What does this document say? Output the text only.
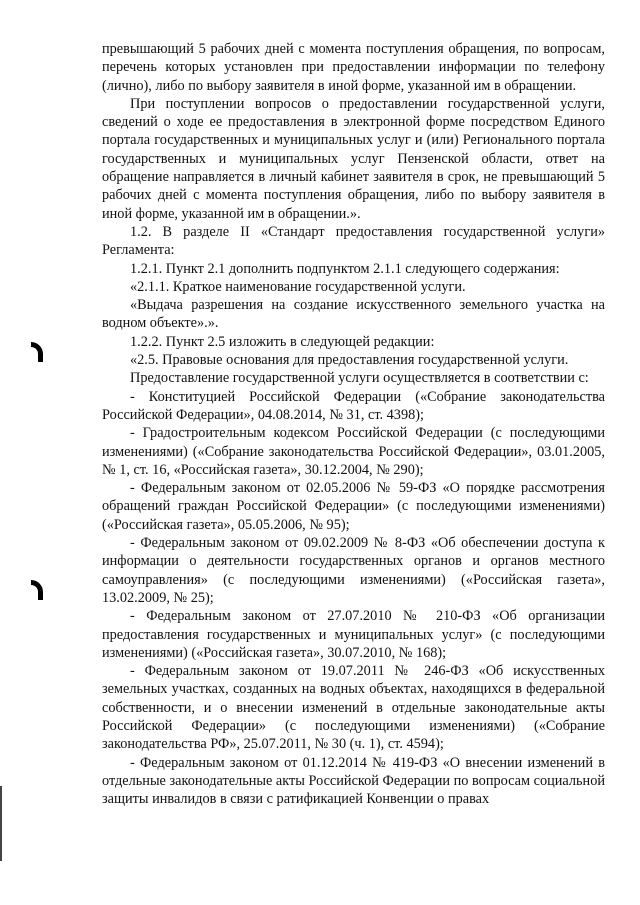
превышающий 5 рабочих дней с момента поступления обращения, по вопросам, перечень которых установлен при предоставлении информации по телефону (лично), либо по выбору заявителя в иной форме, указанной им в обращении.

При поступлении вопросов о предоставлении государственной услуги, сведений о ходе ее предоставления в электронной форме посредством Единого портала государственных и муниципальных услуг и (или) Регионального портала государственных и муниципальных услуг Пензенской области, ответ на обращение направляется в личный кабинет заявителя в срок, не превышающий 5 рабочих дней с момента поступления обращения, либо по выбору заявителя в иной форме, указанной им в обращении.».

1.2. В разделе II «Стандарт предоставления государственной услуги» Регламента:

1.2.1. Пункт 2.1 дополнить подпунктом 2.1.1 следующего содержания:

«2.1.1. Краткое наименование государственной услуги.

«Выдача разрешения на создание искусственного земельного участка на водном объекте».».

1.2.2. Пункт 2.5 изложить в следующей редакции:

«2.5. Правовые основания для предоставления государственной услуги.

Предоставление государственной услуги осуществляется в соответствии с:

- Конституцией Российской Федерации («Собрание законодательства Российской Федерации», 04.08.2014, № 31, ст. 4398);

- Градостроительным кодексом Российской Федерации (с последующими изменениями) («Собрание законодательства Российской Федерации», 03.01.2005, № 1, ст. 16, «Российская газета», 30.12.2004, № 290);

- Федеральным законом от 02.05.2006 № 59-ФЗ «О порядке рассмотрения обращений граждан Российской Федерации» (с последующими изменениями) («Российская газета», 05.05.2006, № 95);

- Федеральным законом от 09.02.2009 № 8-ФЗ «Об обеспечении доступа к информации о деятельности государственных органов и органов местного самоуправления» (с последующими изменениями) («Российская газета», 13.02.2009, № 25);

- Федеральным законом от 27.07.2010 № 210-ФЗ «Об организации предоставления государственных и муниципальных услуг» (с последующими изменениями) («Российская газета», 30.07.2010, № 168);

- Федеральным законом от 19.07.2011 № 246-ФЗ «Об искусственных земельных участках, созданных на водных объектах, находящихся в федеральной собственности, и о внесении изменений в отдельные законодательные акты Российской Федерации» (с последующими изменениями) («Собрание законодательства РФ», 25.07.2011, № 30 (ч. 1), ст. 4594);

- Федеральным законом от 01.12.2014 № 419-ФЗ «О внесении изменений в отдельные законодательные акты Российской Федерации по вопросам социальной защиты инвалидов в связи с ратификацией Конвенции о правах
